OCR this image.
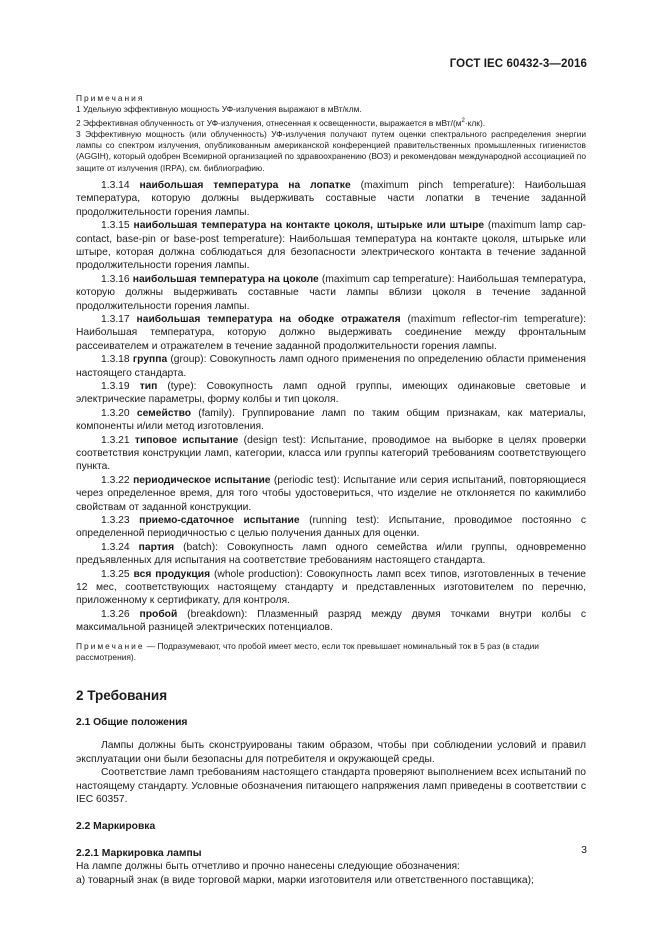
ГОСТ IEC 60432-3—2016

Примечания

1 Удельную эффективную мощность УФ-излучения выражают в мВт/клм.

2 Эффективная облученность от УФ-излучения, отнесенная к освещенности, выражается в мВт/$(м^2\cdot клк)$.

3 Эффективную мощность (или облученность) УФ-излучения получают путем оценки спектрального распределения энергии лампы со спектром излучения, опубликованным американской конференцией правительственных промышленных гигиенистов (AGGIH), который одобрен Всемирной организацией по здравоохранению (ВОЗ) и рекомендован международной ассоциацией по защите от излучения (IRPA), см. библиографию.

1.3.14 наибольшая температура на лопатке (maximum pinch temperature): Наибольшая температура, которую должны выдерживать составные части лопатки в течение заданной продолжительности горения лампы.

1.3.15 наибольшая температура на контакте цоколя, штырьке или штыре (maximum lamp cap-contact, base-pin or base-post temperature): Наибольшая температура на контакте цоколя, штырьке или штыре, которая должна соблюдаться для безопасности электрического контакта в течение заданной продолжительности горения лампы.

1.3.16 наибольшая температура на цоколе (maximum cap temperature): Наибольшая температура, которую должны выдерживать составные части лампы вблизи цоколя в течение заданной продолжительности горения лампы.

1.3.17 наибольшая температура на ободке отражателя (maximum reflector-rim temperature): Наибольшая температура, которую должно выдерживать соединение между фронтальным рассеивателем и отражателем в течение заданной продолжительности горения лампы.

1.3.18 группа (group): Совокупность ламп одного применения по определению области применения настоящего стандарта.

1.3.19 тип (type): Совокупность ламп одной группы, имеющих одинаковые световые и электрические параметры, форму колбы и тип цоколя.

1.3.20 семейство (family). Группирование ламп по таким общим признакам, как материалы, компоненты и/или метод изготовления.

1.3.21 типовое испытание (design test): Испытание, проводимое на выборке в целях проверки соответствия конструкции ламп, категории, класса или группы категорий требованиям соответствующего пункта.

1.3.22 периодическое испытание (periodic test): Испытание или серия испытаний, повторяющиеся через определенное время, для того чтобы удостовериться, что изделие не отклоняется по какимлибо свойствам от заданной конструкции.

1.3.23 приемо-сдаточное испытание (running test): Испытание, проводимое постоянно с определенной периодичностью с целью получения данных для оценки.

1.3.24 партия (batch): Совокупность ламп одного семейства и/или группы, одновременно предъявленных для испытания на соответствие требованиям настоящего стандарта.

1.3.25 вся продукция (whole production): Совокупность ламп всех типов, изготовленных в течение 12 мес, соответствующих настоящему стандарту и представленных изготовителем по перечню, приложенному к сертификату, для контроля.

1.3.26 пробой (breakdown): Плазменный разряд между двумя точками внутри колбы с максимальной разницей электрических потенциалов.

Примечание — Подразумевают, что пробой имеет место, если ток превышает номинальный ток в 5 раз (в стадии рассмотрения).
2 Требования
2.1 Общие положения

Лампы должны быть сконструированы таким образом, чтобы при соблюдении условий и правил эксплуатации они были безопасны для потребителя и окружающей среды.

Соответствие ламп требованиям настоящего стандарта проверяют выполнением всех испытаний по настоящему стандарту. Условные обозначения питающего напряжения ламп приведены в соответствии с IEC 60357.

2.2 Маркировка
2.2.1 Маркировка лампы

На лампе должны быть отчетливо и прочно нанесены следующие обозначения:

а) товарный знак (в виде торговой марки, марки изготовителя или ответственного поставщика);

3
